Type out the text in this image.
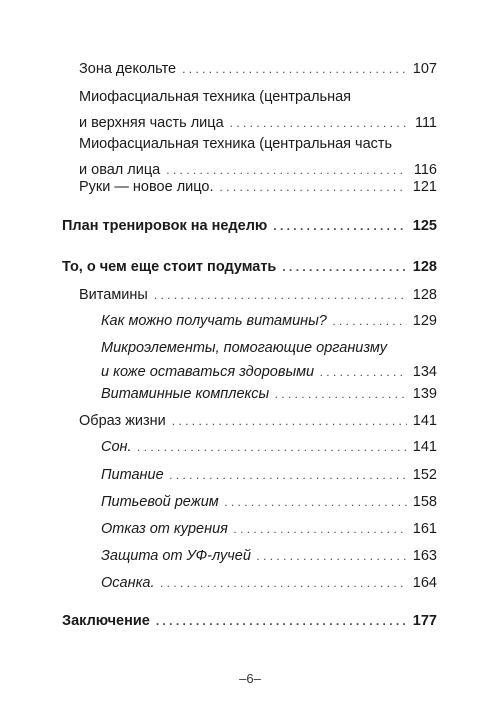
Зона декольте . . .	107
Миофасциальная техника (центральная
и верхняя часть лица . . .	111
Миофасциальная техника (центральная часть
и овал лица . . .	116
Руки — новое лицо. . . .	121
План тренировок на неделю . . .	125
То, о чем еще стоит подумать . . .	128
Витамины . . .	128
Как можно получать витамины? . . .	129
Микроэлементы, помогающие организму
и коже оставаться здоровыми . . .	134
Витаминные комплексы . . .	139
Образ жизни . . .	141
Сон. . . .	141
Питание . . .	152
Питьевой режим . . .	158
Отказ от курения . . .	161
Защита от УФ-лучей . . .	163
Осанка. . . .	164
Заключение . . .	177
–6–
